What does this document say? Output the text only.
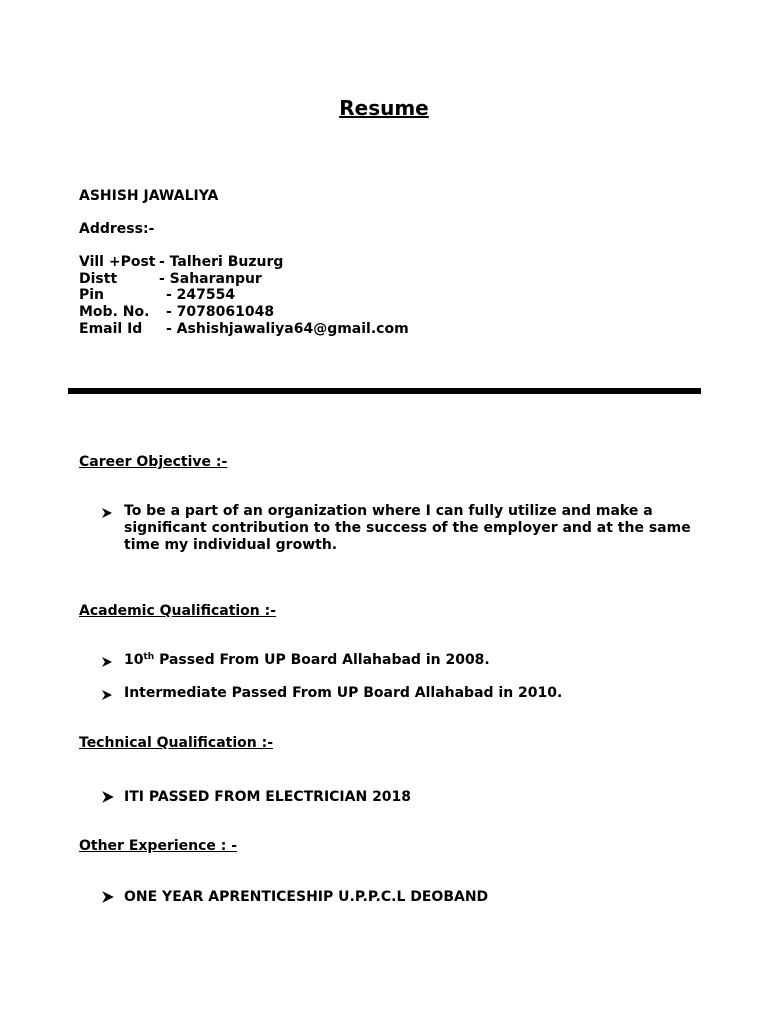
Resume
ASHISH JAWALIYA
Address:-
Vill +Post - Talheri Buzurg
Distt	- Saharanpur
Pin	- 247554
Mob. No. - 7078061048
Email Id - Ashishjawaliya64@gmail.com
Career Objective :-
To be a part of an organization where I can fully utilize and make a
significant contribution to the success of the employer and at the same
time my individual growth.
Academic Qualification :-
10th Passed From UP Board Allahabad in 2008.
Intermediate Passed From UP Board Allahabad in 2010.
Technical Qualification :-
ITI PASSED FROM ELECTRICIAN 2018
Other Experience : -
ONE YEAR APRENTICESHIP U.P.P.C.L DEOBAND
